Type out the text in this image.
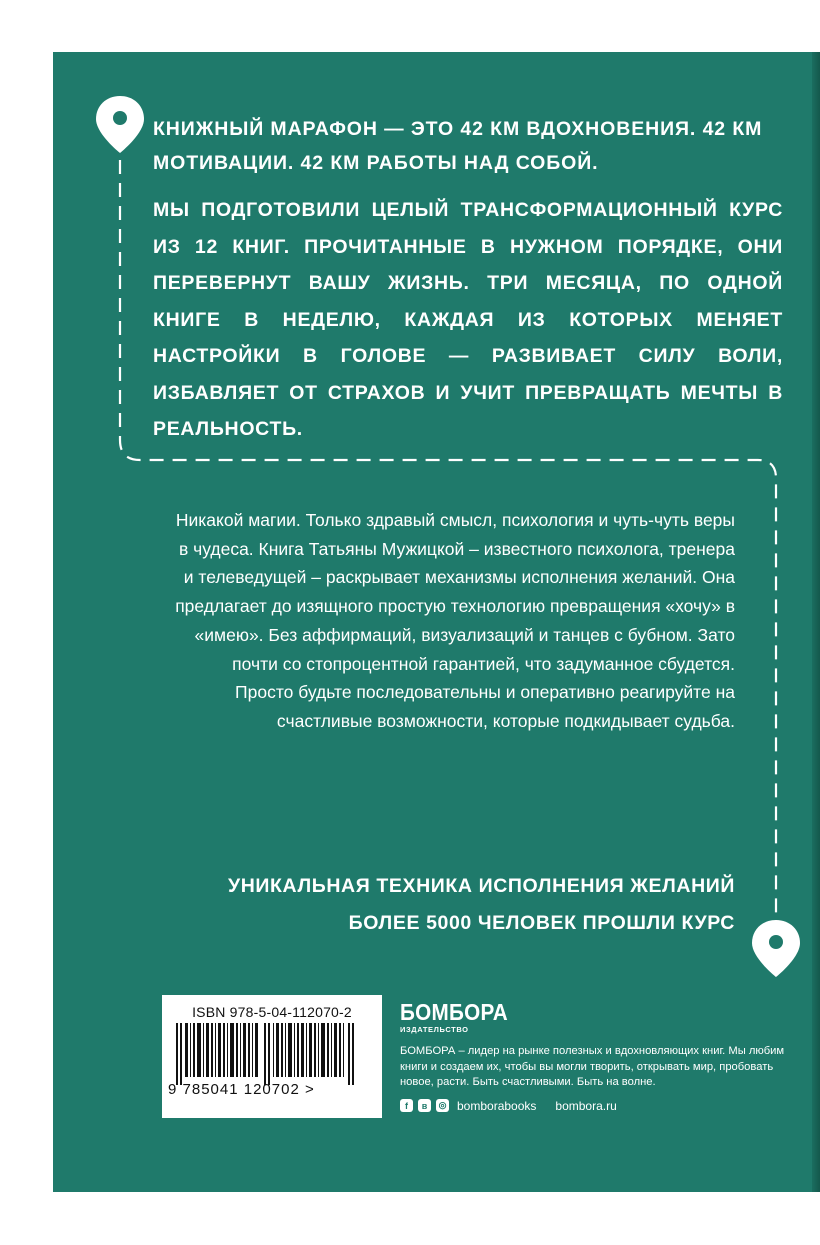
КНИЖНЫЙ МАРАФОН — ЭТО 42 КМ ВДОХНОВЕНИЯ. 42 КМ МОТИВАЦИИ. 42 КМ РАБОТЫ НАД СОБОЙ.

МЫ ПОДГОТОВИЛИ ЦЕЛЫЙ ТРАНСФОРМАЦИОННЫЙ КУРС ИЗ 12 КНИГ. ПРОЧИТАННЫЕ В НУЖНОМ ПОРЯДКЕ, ОНИ ПЕРЕВЕРНУТ ВАШУ ЖИЗНЬ. ТРИ МЕСЯЦА, ПО ОДНОЙ КНИГЕ В НЕДЕЛЮ, КАЖДАЯ ИЗ КОТОРЫХ МЕНЯЕТ НАСТРОЙКИ В ГОЛОВЕ — РАЗВИВАЕТ СИЛУ ВОЛИ, ИЗБАВЛЯЕТ ОТ СТРАХОВ И УЧИТ ПРЕВРАЩАТЬ МЕЧТЫ В РЕАЛЬНОСТЬ.

Никакой магии. Только здравый смысл, психология и чуть-чуть веры в чудеса. Книга Татьяны Мужицкой – известного психолога, тренера и телеведущей – раскрывает механизмы исполнения желаний. Она предлагает до изящного простую технологию превращения «хочу» в «имею». Без аффирмаций, визуализаций и танцев с бубном. Зато почти со стопроцентной гарантией, что задуманное сбудется. Просто будьте последовательны и оперативно реагируйте на счастливые возможности, которые подкидывает судьба.

УНИКАЛЬНАЯ ТЕХНИКА ИСПОЛНЕНИЯ ЖЕЛАНИЙ
БОЛЕЕ 5000 ЧЕЛОВЕК ПРОШЛИ КУРС
ISBN 978-5-04-112070-2
9 785041 120702 >
БОМБОРА
ИЗДАТЕЛЬСТВО
БОМБОРА – лидер на рынке полезных и вдохновляющих книг. Мы любим книги и создаем их, чтобы вы могли творить, открывать мир, пробовать новое, расти. Быть счастливыми. Быть на волне.
f	в	◎ bomborabooks bombora.ru
